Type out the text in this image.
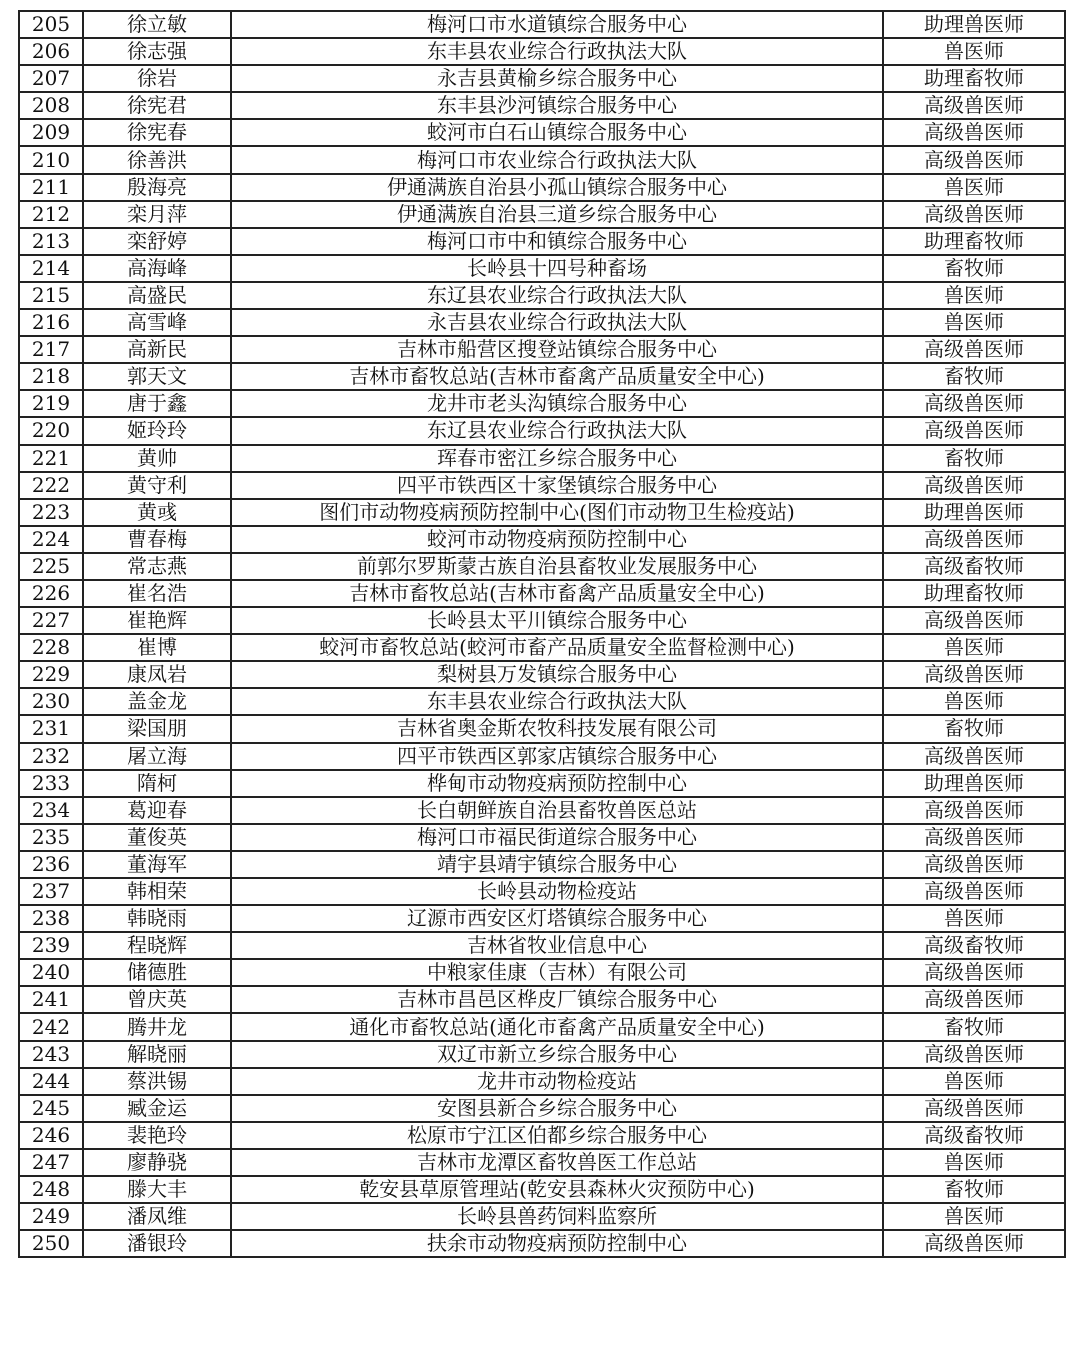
205	徐立敏	梅河口市水道镇综合服务中心	助理兽医师
206	徐志强	东丰县农业综合行政执法大队	兽医师
207	徐岩	永吉县黄榆乡综合服务中心	助理畜牧师
208	徐宪君	东丰县沙河镇综合服务中心	高级兽医师
209	徐宪春	蛟河市白石山镇综合服务中心	高级兽医师
210	徐善洪	梅河口市农业综合行政执法大队	高级兽医师
211	殷海亮	伊通满族自治县小孤山镇综合服务中心	兽医师
212	栾月萍	伊通满族自治县三道乡综合服务中心	高级兽医师
213	栾舒婷	梅河口市中和镇综合服务中心	助理畜牧师
214	高海峰	长岭县十四号种畜场	畜牧师
215	高盛民	东辽县农业综合行政执法大队	兽医师
216	高雪峰	永吉县农业综合行政执法大队	兽医师
217	高新民	吉林市船营区搜登站镇综合服务中心	高级兽医师
218	郭天文	吉林市畜牧总站(吉林市畜禽产品质量安全中心)	畜牧师
219	唐于鑫	龙井市老头沟镇综合服务中心	高级兽医师
220	姬玲玲	东辽县农业综合行政执法大队	高级兽医师
221	黄帅	珲春市密江乡综合服务中心	畜牧师
222	黄守利	四平市铁西区十家堡镇综合服务中心	高级兽医师
223	黄彧	图们市动物疫病预防控制中心(图们市动物卫生检疫站)	助理兽医师
224	曹春梅	蛟河市动物疫病预防控制中心	高级兽医师
225	常志燕	前郭尔罗斯蒙古族自治县畜牧业发展服务中心	高级畜牧师
226	崔名浩	吉林市畜牧总站(吉林市畜禽产品质量安全中心)	助理畜牧师
227	崔艳辉	长岭县太平川镇综合服务中心	高级兽医师
228	崔博	蛟河市畜牧总站(蛟河市畜产品质量安全监督检测中心)	兽医师
229	康凤岩	梨树县万发镇综合服务中心	高级兽医师
230	盖金龙	东丰县农业综合行政执法大队	兽医师
231	梁国朋	吉林省奥金斯农牧科技发展有限公司	畜牧师
232	屠立海	四平市铁西区郭家店镇综合服务中心	高级兽医师
233	隋柯	桦甸市动物疫病预防控制中心	助理兽医师
234	葛迎春	长白朝鲜族自治县畜牧兽医总站	高级兽医师
235	董俊英	梅河口市福民街道综合服务中心	高级兽医师
236	董海军	靖宇县靖宇镇综合服务中心	高级兽医师
237	韩相荣	长岭县动物检疫站	高级兽医师
238	韩晓雨	辽源市西安区灯塔镇综合服务中心	兽医师
239	程晓辉	吉林省牧业信息中心	高级畜牧师
240	储德胜	中粮家佳康（吉林）有限公司	高级兽医师
241	曾庆英	吉林市昌邑区桦皮厂镇综合服务中心	高级兽医师
242	腾井龙	通化市畜牧总站(通化市畜禽产品质量安全中心)	畜牧师
243	解晓丽	双辽市新立乡综合服务中心	高级兽医师
244	蔡洪锡	龙井市动物检疫站	兽医师
245	臧金运	安图县新合乡综合服务中心	高级兽医师
246	裴艳玲	松原市宁江区伯都乡综合服务中心	高级畜牧师
247	廖静骁	吉林市龙潭区畜牧兽医工作总站	兽医师
248	滕大丰	乾安县草原管理站(乾安县森林火灾预防中心)	畜牧师
249	潘凤维	长岭县兽药饲料监察所	兽医师
250	潘银玲	扶余市动物疫病预防控制中心	高级兽医师
